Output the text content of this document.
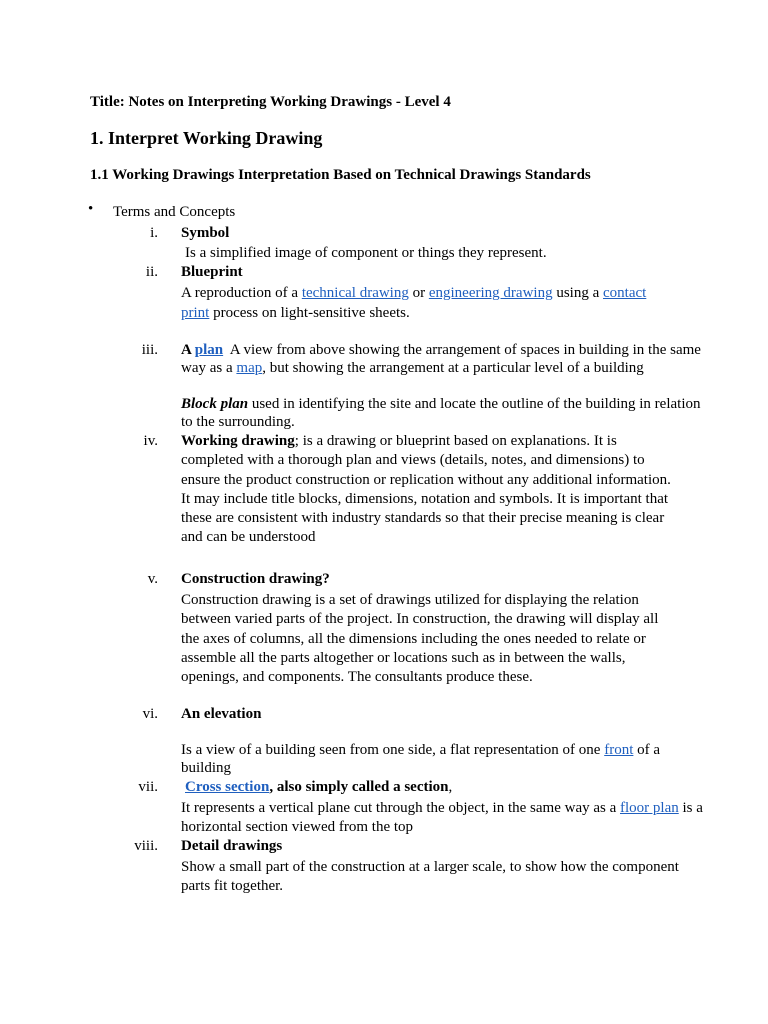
Title: Notes on Interpreting Working Drawings - Level 4
1. Interpret Working Drawing
1.1 Working Drawings Interpretation Based on Technical Drawings Standards
• Terms and Concepts
i. Symbol
Is a simplified image of component or things they represent.
ii. Blueprint
A reproduction of a technical drawing or engineering drawing using a contact
print process on light-sensitive sheets.
iii. A plan  A view from above showing the arrangement of spaces in building in the same
way as a map, but showing the arrangement at a particular level of a building
Block plan used in identifying the site and locate the outline of the building in relation
to the surrounding.
iv. Working drawing; is a drawing or blueprint based on explanations. It is
completed with a thorough plan and views (details, notes, and dimensions) to
ensure the product construction or replication without any additional information.
It may include title blocks, dimensions, notation and symbols. It is important that
these are consistent with industry standards so that their precise meaning is clear
and can be understood
v. Construction drawing?
Construction drawing is a set of drawings utilized for displaying the relation
between varied parts of the project. In construction, the drawing will display all
the axes of columns, all the dimensions including the ones needed to relate or
assemble all the parts altogether or locations such as in between the walls,
openings, and components. The consultants produce these.
vi. An elevation
Is a view of a building seen from one side, a flat representation of one front of a
building
vii. Cross section, also simply called a section,
It represents a vertical plane cut through the object, in the same way as a floor plan is a
horizontal section viewed from the top
viii. Detail drawings
Show a small part of the construction at a larger scale, to show how the component
parts fit together.
